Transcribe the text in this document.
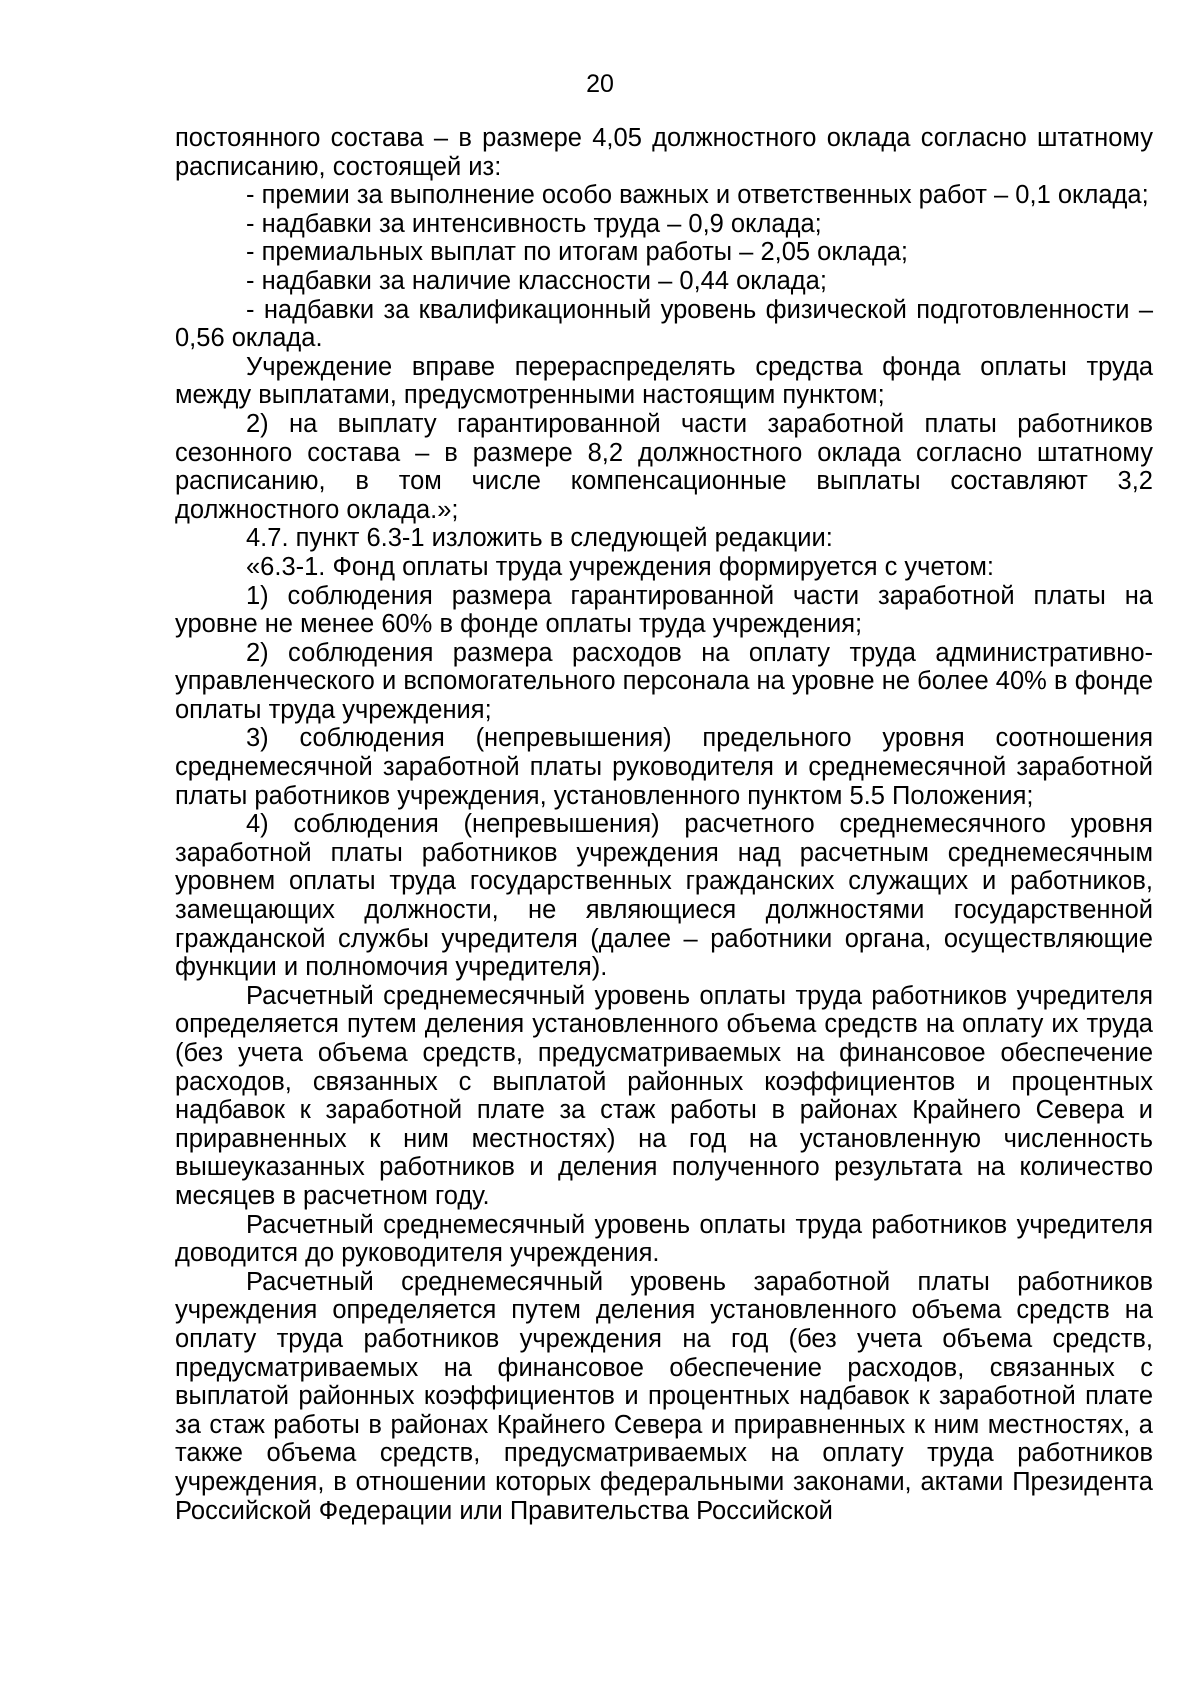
20

постоянного состава – в размере 4,05 должностного оклада согласно штатному расписанию, состоящей из:

- премии за выполнение особо важных и ответственных работ – 0,1 оклада;

- надбавки за интенсивность труда – 0,9 оклада;

- премиальных выплат по итогам работы – 2,05 оклада;

- надбавки за наличие классности – 0,44 оклада;

- надбавки за квалификационный уровень физической подготовленности – 0,56 оклада.

Учреждение вправе перераспределять средства фонда оплаты труда между выплатами, предусмотренными настоящим пунктом;

2) на выплату гарантированной части заработной платы работников сезонного состава – в размере 8,2 должностного оклада согласно штатному расписанию, в том числе компенсационные выплаты составляют 3,2 должностного оклада.»;

4.7. пункт 6.3-1 изложить в следующей редакции:

«6.3-1. Фонд оплаты труда учреждения формируется с учетом:

1) соблюдения размера гарантированной части заработной платы на уровне не менее 60% в фонде оплаты труда учреждения;

2) соблюдения размера расходов на оплату труда административно-управленческого и вспомогательного персонала на уровне не более 40% в фонде оплаты труда учреждения;

3) соблюдения (непревышения) предельного уровня соотношения среднемесячной заработной платы руководителя и среднемесячной заработной платы работников учреждения, установленного пунктом 5.5 Положения;

4) соблюдения (непревышения) расчетного среднемесячного уровня заработной платы работников учреждения над расчетным среднемесячным уровнем оплаты труда государственных гражданских служащих и работников, замещающих должности, не являющиеся должностями государственной гражданской службы учредителя (далее – работники органа, осуществляющие функции и полномочия учредителя).

Расчетный среднемесячный уровень оплаты труда работников учредителя определяется путем деления установленного объема средств на оплату их труда (без учета объема средств, предусматриваемых на финансовое обеспечение расходов, связанных с выплатой районных коэффициентов и процентных надбавок к заработной плате за стаж работы в районах Крайнего Севера и приравненных к ним местностях) на год на установленную численность вышеуказанных работников и деления полученного результата на количество месяцев в расчетном году.

Расчетный среднемесячный уровень оплаты труда работников учредителя доводится до руководителя учреждения.

Расчетный среднемесячный уровень заработной платы работников учреждения определяется путем деления установленного объема средств на оплату труда работников учреждения на год (без учета объема средств, предусматриваемых на финансовое обеспечение расходов, связанных с выплатой районных коэффициентов и процентных надбавок к заработной плате за стаж работы в районах Крайнего Севера и приравненных к ним местностях, а также объема средств, предусматриваемых на оплату труда работников учреждения, в отношении которых федеральными законами, актами Президента Российской Федерации или Правительства Российской
